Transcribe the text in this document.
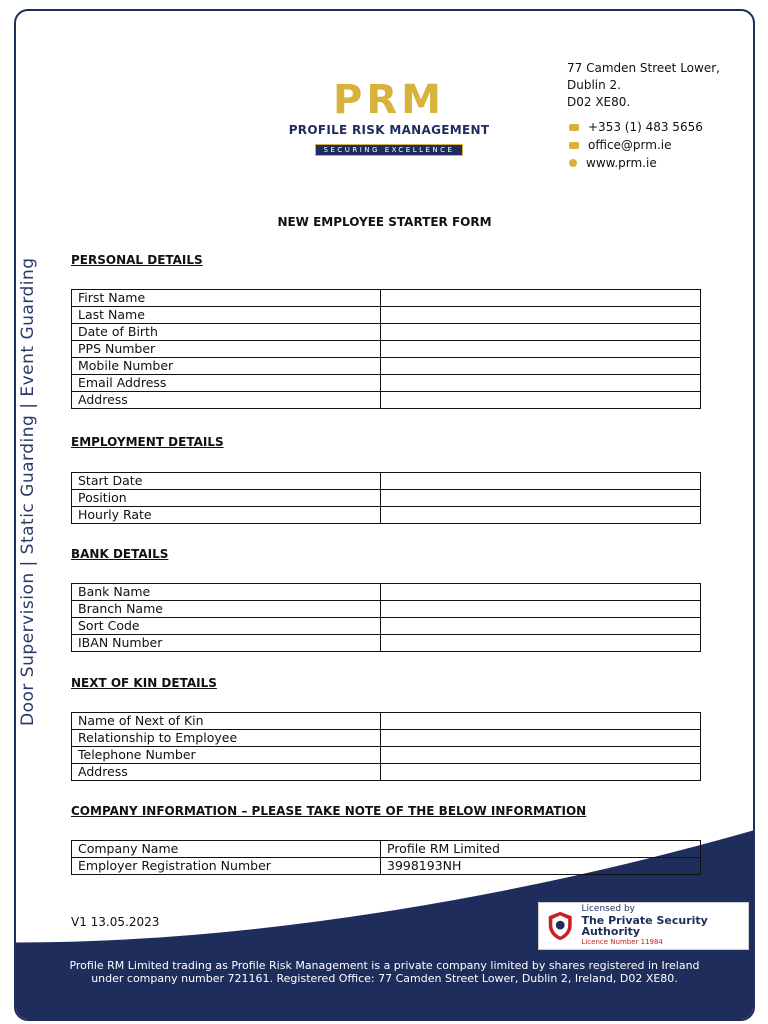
PRM
PROFILE RISK MANAGEMENT
SECURING EXCELLENCE
77 Camden Street Lower,
Dublin 2.
D02 XE80.
+353 (1) 483 5656
office@prm.ie
www.prm.ie
Door Supervision | Static Guarding | Event Guarding
NEW EMPLOYEE STARTER FORM
PERSONAL DETAILS
First Name	
Last Name	
Date of Birth	
PPS Number	
Mobile Number	
Email Address	
Address	
EMPLOYMENT DETAILS
Start Date	
Position	
Hourly Rate	
BANK DETAILS
Bank Name	
Branch Name	
Sort Code	
IBAN Number	
NEXT OF KIN DETAILS
Name of Next of Kin	
Relationship to Employee	
Telephone Number	
Address	
COMPANY INFORMATION – PLEASE TAKE NOTE OF THE BELOW INFORMATION
Company Name	Profile RM Limited
Employer Registration Number	3998193NH
V1 13.05.2023
Licensed by
The Private Security Authority
Licence Number 11984
Profile RM Limited trading as Profile Risk Management is a private company limited by shares registered in Ireland
under company number 721161. Registered Office: 77 Camden Street Lower, Dublin 2, Ireland, D02 XE80.
